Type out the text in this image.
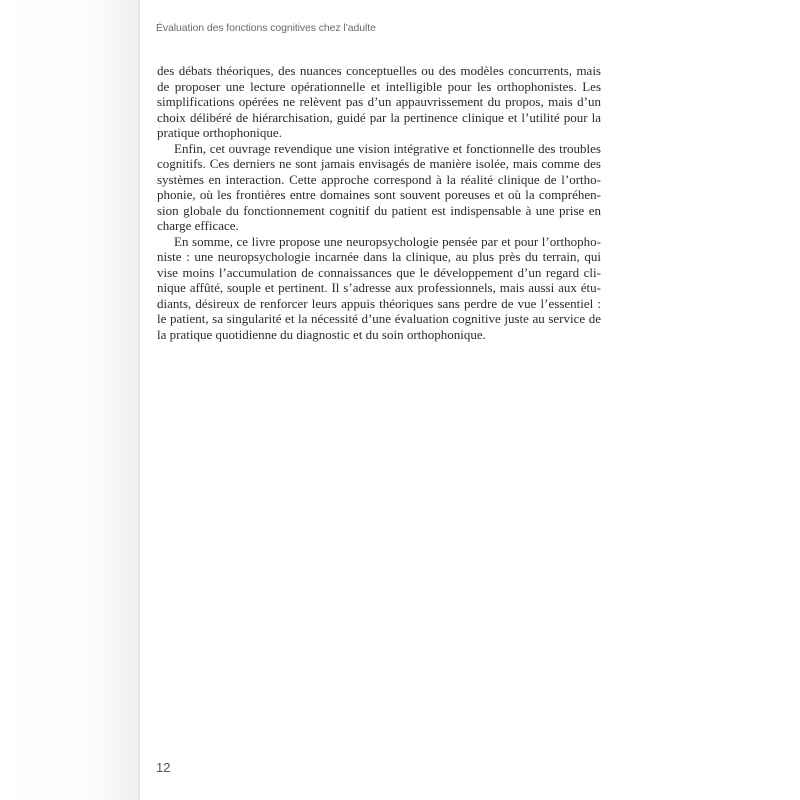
Évaluation des fonctions cognitives chez l’adulte
des débats théoriques, des nuances conceptuelles ou des modèles concurrents, mais
de proposer une lecture opérationnelle et intelligible pour les orthophonistes. Les
simplifications opérées ne relèvent pas d’un appauvrissement du propos, mais d’un
choix délibéré de hiérarchisation, guidé par la pertinence clinique et l’utilité pour la
pratique orthophonique.
Enfin, cet ouvrage revendique une vision intégrative et fonctionnelle des troubles
cognitifs. Ces derniers ne sont jamais envisagés de manière isolée, mais comme des
systèmes en interaction. Cette approche correspond à la réalité clinique de l’ortho-
phonie, où les frontières entre domaines sont souvent poreuses et où la compréhen-
sion globale du fonctionnement cognitif du patient est indispensable à une prise en
charge efficace.
En somme, ce livre propose une neuropsychologie pensée par et pour l’orthopho-
niste : une neuropsychologie incarnée dans la clinique, au plus près du terrain, qui
vise moins l’accumulation de connaissances que le développement d’un regard cli-
nique affûté, souple et pertinent. Il s’adresse aux professionnels, mais aussi aux étu-
diants, désireux de renforcer leurs appuis théoriques sans perdre de vue l’essentiel :
le patient, sa singularité et la nécessité d’une évaluation cognitive juste au service de
la pratique quotidienne du diagnostic et du soin orthophonique.
12
